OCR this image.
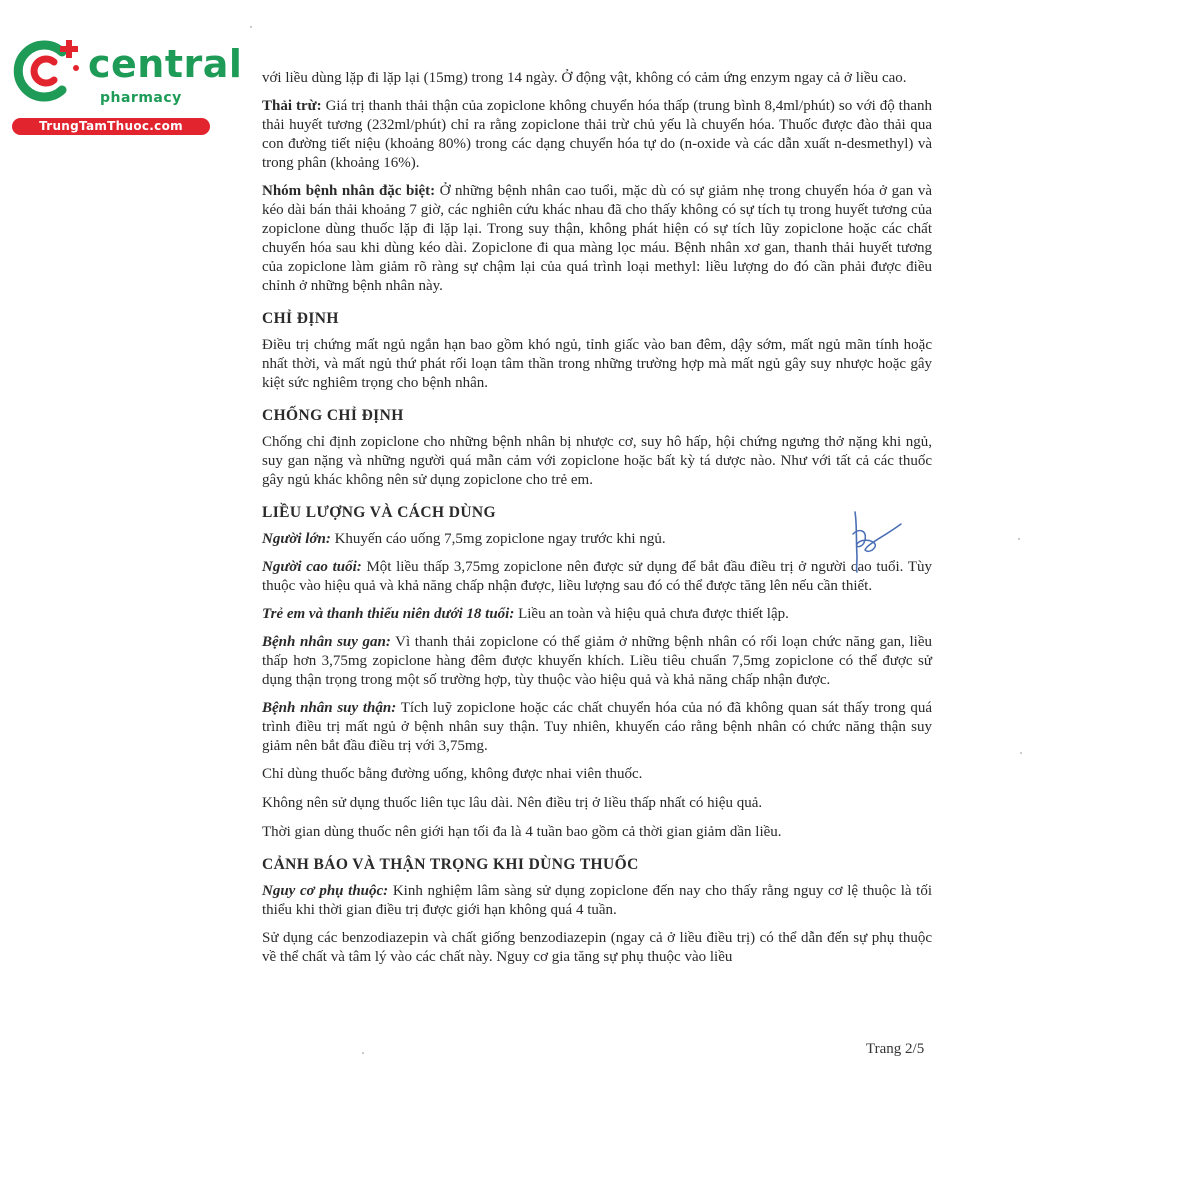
central
pharmacy
TrungTamThuoc.com

với liều dùng lặp đi lặp lại (15mg) trong 14 ngày. Ở động vật, không có cảm ứng enzym ngay cả ở liều cao.

Thải trừ: Giá trị thanh thải thận của zopiclone không chuyển hóa thấp (trung bình 8,4ml/phút) so với độ thanh thải huyết tương (232ml/phút) chỉ ra rằng zopiclone thải trừ chủ yếu là chuyển hóa. Thuốc được đào thải qua con đường tiết niệu (khoảng 80%) trong các dạng chuyển hóa tự do (n-oxide và các dẫn xuất n-desmethyl) và trong phân (khoảng 16%).

Nhóm bệnh nhân đặc biệt: Ở những bệnh nhân cao tuổi, mặc dù có sự giảm nhẹ trong chuyển hóa ở gan và kéo dài bán thải khoảng 7 giờ, các nghiên cứu khác nhau đã cho thấy không có sự tích tụ trong huyết tương của zopiclone dùng thuốc lặp đi lặp lại. Trong suy thận, không phát hiện có sự tích lũy zopiclone hoặc các chất chuyển hóa sau khi dùng kéo dài. Zopiclone đi qua màng lọc máu. Bệnh nhân xơ gan, thanh thải huyết tương của zopiclone làm giảm rõ ràng sự chậm lại của quá trình loại methyl: liều lượng do đó cần phải được điều chỉnh ở những bệnh nhân này.

CHỈ ĐỊNH

Điều trị chứng mất ngủ ngắn hạn bao gồm khó ngủ, tỉnh giấc vào ban đêm, dậy sớm, mất ngủ mãn tính hoặc nhất thời, và mất ngủ thứ phát rối loạn tâm thần trong những trường hợp mà mất ngủ gây suy nhược hoặc gây kiệt sức nghiêm trọng cho bệnh nhân.

CHỐNG CHỈ ĐỊNH

Chống chỉ định zopiclone cho những bệnh nhân bị nhược cơ, suy hô hấp, hội chứng ngưng thở nặng khi ngủ, suy gan nặng và những người quá mẫn cảm với zopiclone hoặc bất kỳ tá dược nào. Như với tất cả các thuốc gây ngủ khác không nên sử dụng zopiclone cho trẻ em.

LIỀU LƯỢNG VÀ CÁCH DÙNG

Người lớn: Khuyến cáo uống 7,5mg zopiclone ngay trước khi ngủ.

Người cao tuổi: Một liều thấp 3,75mg zopiclone nên được sử dụng để bắt đầu điều trị ở người cao tuổi. Tùy thuộc vào hiệu quả và khả năng chấp nhận được, liều lượng sau đó có thể được tăng lên nếu cần thiết.

Trẻ em và thanh thiếu niên dưới 18 tuổi: Liều an toàn và hiệu quả chưa được thiết lập.

Bệnh nhân suy gan: Vì thanh thải zopiclone có thể giảm ở những bệnh nhân có rối loạn chức năng gan, liều thấp hơn 3,75mg zopiclone hàng đêm được khuyến khích. Liều tiêu chuẩn 7,5mg zopiclone có thể được sử dụng thận trọng trong một số trường hợp, tùy thuộc vào hiệu quả và khả năng chấp nhận được.

Bệnh nhân suy thận: Tích luỹ zopiclone hoặc các chất chuyển hóa của nó đã không quan sát thấy trong quá trình điều trị mất ngủ ở bệnh nhân suy thận. Tuy nhiên, khuyến cáo rằng bệnh nhân có chức năng thận suy giảm nên bắt đầu điều trị với 3,75mg.

Chỉ dùng thuốc bằng đường uống, không được nhai viên thuốc.

Không nên sử dụng thuốc liên tục lâu dài. Nên điều trị ở liều thấp nhất có hiệu quả.

Thời gian dùng thuốc nên giới hạn tối đa là 4 tuần bao gồm cả thời gian giảm dần liều.

CẢNH BÁO VÀ THẬN TRỌNG KHI DÙNG THUỐC

Nguy cơ phụ thuộc: Kinh nghiệm lâm sàng sử dụng zopiclone đến nay cho thấy rằng nguy cơ lệ thuộc là tối thiểu khi thời gian điều trị được giới hạn không quá 4 tuần.

Sử dụng các benzodiazepin và chất giống benzodiazepin (ngay cả ở liều điều trị) có thể dẫn đến sự phụ thuộc về thể chất và tâm lý vào các chất này. Nguy cơ gia tăng sự phụ thuộc vào liều

Trang 2/5
